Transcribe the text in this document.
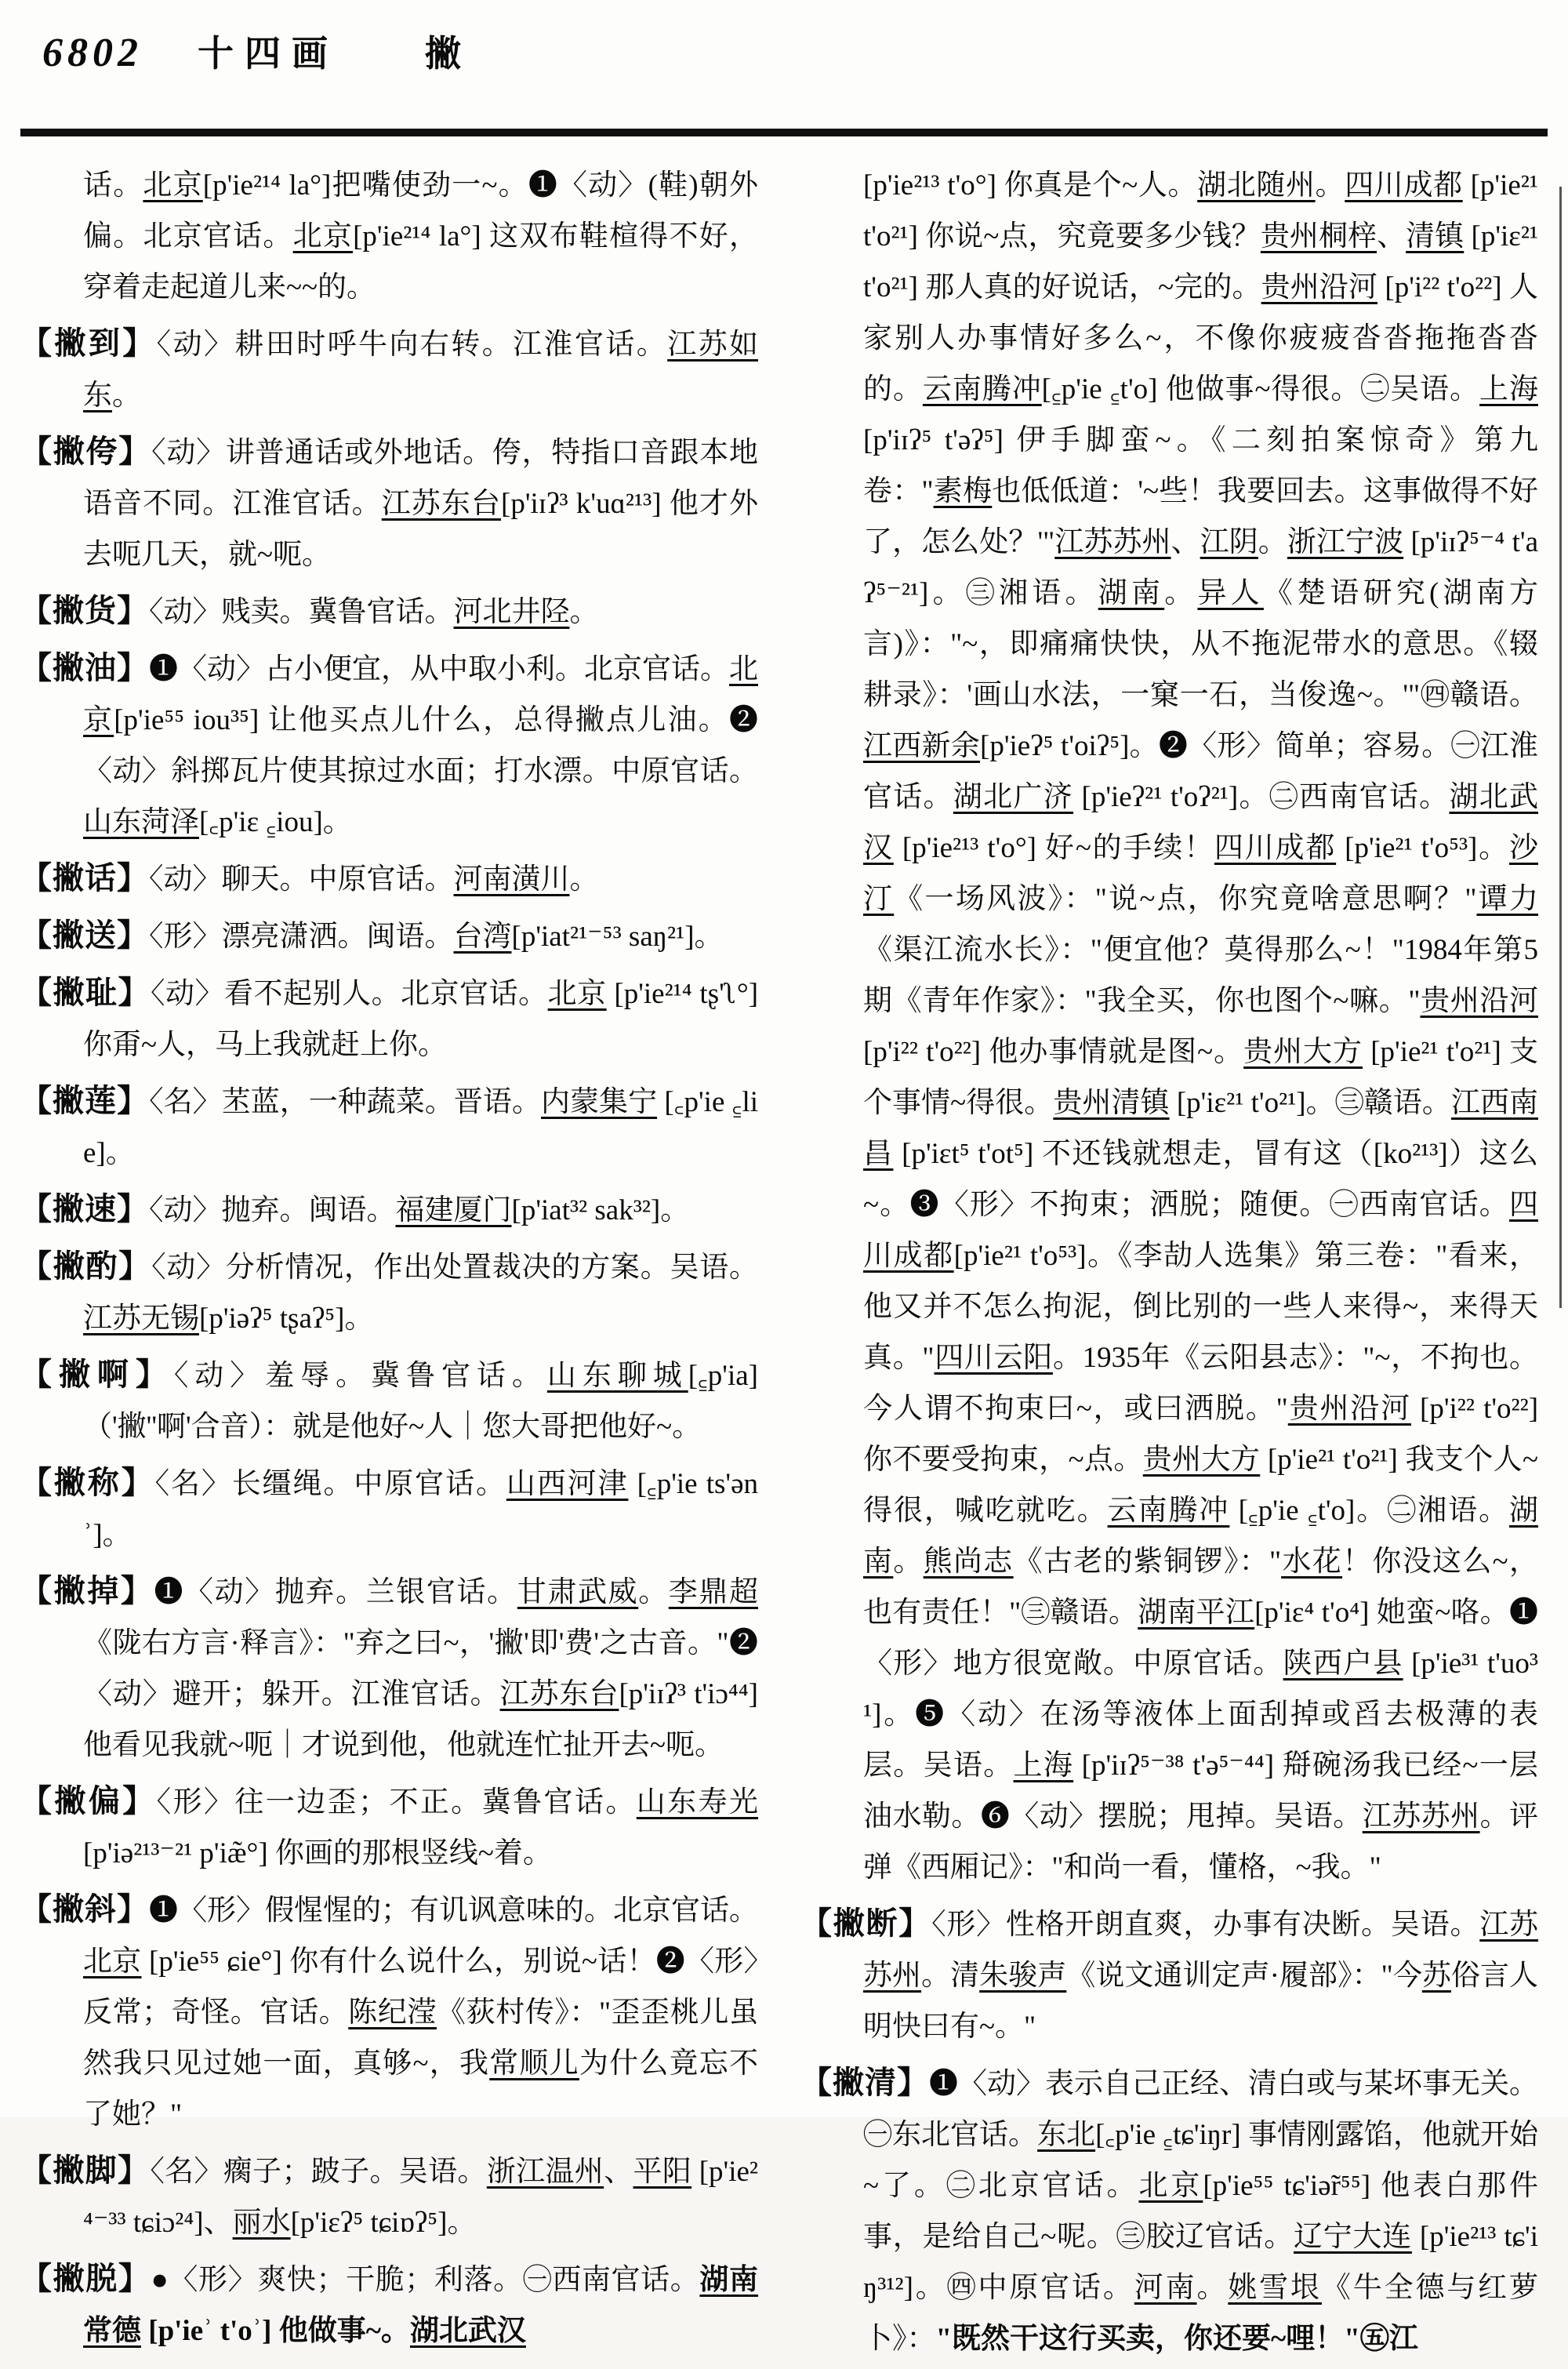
6802 十四画 撇

话。北京[p'ie²¹⁴ la°]把嘴使劲一~。❶〈动〉(鞋)朝外偏。北京官话。北京[p'ie²¹⁴ la°] 这双布鞋楦得不好，穿着走起道儿来~~的。

【撇到】〈动〉耕田时呼牛向右转。江淮官话。江苏如东。

【撇侉】〈动〉讲普通话或外地话。侉，特指口音跟本地语音不同。江淮官话。江苏东台[p'iɪʔ³ k'uɑ²¹³] 他才外去呃几天，就~呃。

【撇货】〈动〉贱卖。冀鲁官话。河北井陉。

【撇油】❶〈动〉占小便宜，从中取小利。北京官话。北京[p'ie⁵⁵ iou³⁵] 让他买点儿什么，总得撇点儿油。❷〈动〉斜掷瓦片使其掠过水面；打水漂。中原官话。山东菏泽[꜀p'iɛ ꜁iou]。

【撇话】〈动〉聊天。中原官话。河南潢川。

【撇送】〈形〉漂亮潇洒。闽语。台湾[p'iat²¹⁻⁵³ saŋ²¹]。

【撇耻】〈动〉看不起别人。北京官话。北京 [p'ie²¹⁴ tʂ'ʅ°] 你甭~人，马上我就赶上你。

【撇莲】〈名〉苤蓝，一种蔬菜。晋语。内蒙集宁 [꜀p'ie ꜁lie]。

【撇速】〈动〉抛弃。闽语。福建厦门[p'iat³² sak³²]。

【撇酌】〈动〉分析情况，作出处置裁决的方案。吴语。江苏无锡[p'iəʔ⁵ tʂaʔ⁵]。

【撇啊】〈动〉羞辱。冀鲁官话。山东聊城[꜁p'ia] （'撇''啊'合音）：就是他好~人｜您大哥把他好~。

【撇称】〈名〉长缰绳。中原官话。山西河津 [꜁p'ie ts'ənʾ]。

【撇掉】❶〈动〉抛弃。兰银官话。甘肃武威。李鼎超《陇右方言·释言》："弃之曰~，'撇'即'费'之古音。"❷〈动〉避开；躲开。江淮官话。江苏东台[p'iɪʔ³ t'iɔ⁴⁴] 他看见我就~呃｜才说到他，他就连忙扯开去~呃。

【撇偏】〈形〉往一边歪；不正。冀鲁官话。山东寿光 [p'iə²¹³⁻²¹ p'iæ̃°] 你画的那根竖线~着。

【撇斜】❶〈形〉假惺惺的；有讥讽意味的。北京官话。北京 [p'ie⁵⁵ ɕie°] 你有什么说什么，别说~话！❷〈形〉反常；奇怪。官话。陈纪滢《荻村传》："歪歪桃儿虽然我只见过她一面，真够~，我常顺儿为什么竟忘不了她？"

【撇脚】〈名〉瘸子；跛子。吴语。浙江温州、平阳 [p'ie²⁴⁻³³ tɕiɔ²⁴]、丽水[p'iɛʔ⁵ tɕiɒʔ⁵]。

【撇脱】●〈形〉爽快；干脆；利落。㊀西南官话。湖南常德 [p'ieʾ t'oʾ] 他做事~。湖北武汉

[p'ie²¹³ t'o°] 你真是个~人。湖北随州。四川成都 [p'ie²¹ t'o²¹] 你说~点，究竟要多少钱？贵州桐梓、清镇 [p'iɛ²¹ t'o²¹] 那人真的好说话，~完的。贵州沿河 [p'i²² t'o²²] 人家别人办事情好多么~，不像你疲疲沓沓拖拖沓沓的。云南腾冲[꜁p'ie ꜁t'o] 他做事~得很。㊁吴语。上海 [p'iɪʔ⁵ t'əʔ⁵] 伊手脚蛮~。《二刻拍案惊奇》第九卷："素梅也低低道：'~些！我要回去。这事做得不好了，怎么处？'"江苏苏州、江阴。浙江宁波 [p'iɪʔ⁵⁻⁴ t'aʔ⁵⁻²¹]。㊂湘语。湖南。异人《楚语研究(湖南方言)》："~，即痛痛快快，从不拖泥带水的意思。《辍耕录》：'画山水法，一窠一石，当俊逸~。'"㊃赣语。江西新余[p'ieʔ⁵ t'oiʔ⁵]。❷〈形〉简单；容易。㊀江淮官话。湖北广济 [p'ieʔ²¹ t'oʔ²¹]。㊁西南官话。湖北武汉 [p'ie²¹³ t'o°] 好~的手续！四川成都 [p'ie²¹ t'o⁵³]。沙汀《一场风波》："说~点，你究竟啥意思啊？"谭力《渠江流水长》："便宜他？莫得那么~！"1984年第5期《青年作家》："我全买，你也图个~嘛。"贵州沿河[p'i²² t'o²²] 他办事情就是图~。贵州大方 [p'ie²¹ t'o²¹] 支个事情~得很。贵州清镇 [p'iɛ²¹ t'o²¹]。㊂赣语。江西南昌 [p'iɛt⁵ t'ot⁵] 不还钱就想走，冒有这（[ko²¹³]）这么~。❸〈形〉不拘束；洒脱；随便。㊀西南官话。四川成都[p'ie²¹ t'o⁵³]。《李劼人选集》第三卷："看来，他又并不怎么拘泥，倒比别的一些人来得~，来得天真。"四川云阳。1935年《云阳县志》："~，不拘也。今人谓不拘束曰~，或曰洒脱。"贵州沿河 [p'i²² t'o²²] 你不要受拘束，~点。贵州大方 [p'ie²¹ t'o²¹] 我支个人~得很，喊吃就吃。云南腾冲 [꜁p'ie ꜁t'o]。㊁湘语。湖南。熊尚志《古老的紫铜锣》："水花！你没这么~，也有责任！"㊂赣语。湖南平江[p'iɛ⁴ t'o⁴] 她蛮~咯。❶〈形〉地方很宽敞。中原官话。陕西户县 [p'ie³¹ t'uo³¹]。❺〈动〉在汤等液体上面刮掉或舀去极薄的表层。吴语。上海 [p'iɪʔ⁵⁻³⁸ t'ə⁵⁻⁴⁴] 搿碗汤我已经~一层油水勒。❻〈动〉摆脱；甩掉。吴语。江苏苏州。评弹《西厢记》："和尚一看，懂格，~我。"

【撇断】〈形〉性格开朗直爽，办事有决断。吴语。江苏苏州。清朱骏声《说文通训定声·履部》："今苏俗言人明快曰有~。"

【撇清】❶〈动〉表示自己正经、清白或与某坏事无关。㊀东北官话。东北[꜀p'ie ꜁tɕ'iŋr] 事情刚露馅，他就开始~了。㊁北京官话。北京[p'ie⁵⁵ tɕ'iə̃r⁵⁵] 他表白那件事，是给自己~呢。㊂胶辽官话。辽宁大连 [p'ie²¹³ tɕ'iŋ³¹²]。㊃中原官话。河南。姚雪垠《牛全德与红萝卜》："既然干这行买卖，你还要~哩！"㊄江
